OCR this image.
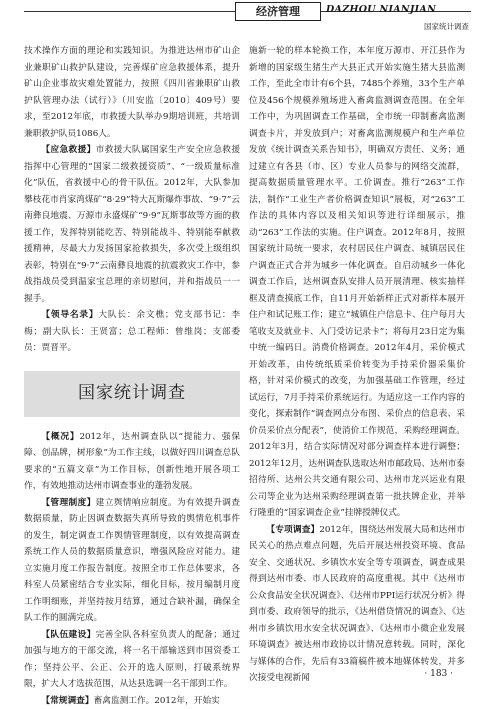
经济管理	DAZHOU NIANJIAN
国家统计调查

技术操作方面的理论和实践知识。为推进达州市矿山企业兼职矿山救护队建设，完善煤矿应急救援体系，提升矿山企业事故灾难处置能力，按照《四川省兼职矿山救护队管理办法（试行）》（川安监〔2010〕409号）要求，至2012年底，市救援大队举办9期培训班，共培训兼职救护队员1086人。

【应急救援】市救援大队属国家生产安全应急救援指挥中心管理的“国家二级救援资质”、“一级质量标准化”队伍，省救援中心的骨干队伍。2012年，大队参加攀枝花市肖家湾煤矿“8·29”特大瓦斯爆炸事故、“9·7”云南彝良地震、万源市永盛煤矿“9·9”瓦斯事故等方面的救援工作，发挥特别能吃苦、特别能战斗、特别能奉献救援精神，尽最大力发扬国家抢救损失，多次受上级组织表彰，特别在“9·7”云南彝良地震的抗震救灾工作中，参战指战员受到温家宝总理的亲切慰问，并和指战员一一握手。

【领导名录】大队长：余文樵；党支部书记：李梅；副大队长：王贤富；总工程师：曾维岗；支部委员：贾晋平。

国家统计调查

【概况】2012年，达州调查队以“提能力、强保障、创品牌，树形象”为工作主线，以做好四川调查总队要求的“五篇文章”为工作目标，创新性地开展各项工作，有效地推动达州市调查事业的蓬勃发展。

【管理制度】建立舆情响应制度。为有效提升调查数据质量，防止因调查数据失真所导致的舆情危机事件的发生，制定调查工作舆情管理制度，以有效提高调查系统工作人员的数据质量意识，增强风险应对能力。建立实施月度工作报告制度。按照全市工作总体要求，各科室人员紧密结合专业实际，细化目标，按月编制月度工作明细账，并坚持按月结算，通过合缺补漏，确保全队工作的圆满完成。

【队伍建设】完善全队各科室负责人的配备；通过加强与地方的干部交流，将一名干部输送到市国资委工作；坚持公平、公正、公开的选人原则，打破系统界限，扩大人才选拔范围，从达县选调一名干部到工作。

【常规调查】畜禽监测工作。2012年，开始实

施新一轮的样本轮换工作，本年度万源市、开江县作为新增的国家级生猪生产大县正式开始实施生猪大县监测工作，至此全市计有6个县，7485个养殖，33个生产单位及456个规模养殖场进入畜禽监测调查范围。在全年工作中，为巩固调查工作基础，全市统一印制畜禽监测调查卡片，并发放到户；对畜禽监测规模户和生产单位发放《统计调查关系告知书》，明确双方责任、义务；通过建立有各县（市、区）专业人员参与的网络交流群，提高数据质量管理水平。工价调查。推行“263”工作法，制作“工业生产者价格调查知识”展板，对“263”工作法的具体内容以及相关知识等进行详细展示，推动“263”工作法的实施。住户调查。2012年8月，按照国家统计局统一要求，农村居民住户调查、城镇居民住户调查正式合并为城乡一体化调查。自启动城乡一体化调查工作后，达州调查队安排人员开展清理、核实抽样框及清查摸底工作，自11月开始新样正式对新样本展开住户和试记账工作；建立“城镇住户信息卡、住户每月大笔收支及就业卡、入门受访记录卡”；将每月23日定为集中统一编码日。消费价格调查。2012年4月，采价模式开始改革，由传统纸质采价转变为手持采价器采集价格，针对采价模式的改变，为加强基础工作管理，经过试运行，7月手持采价系统运行。为适应这一工作内容的变化，探索制作“调查网点分布图、采价点的信息表、采价员采价点分配表”，使消价工作规范，采购经理调查。2012年3月，结合实际情况对部分调查样本进行调整；2012年12月，达州调查队选取达州市邮政局、达州市泰招待所、达州公共交通有限公司、达州市龙兴运业有限公司等企业为达州采购经理调查第一批扶牌企业，并举行隆重的“国家调查企业”挂牌授牌仪式。

【专项调查】2012年，围绕达州发展大局和达州市民关心的热点难点问题，先后开展达州投资环境、食品安全、交通状况、乡镇饮水安全等专项调查，调查成果得到达州市委、市人民政府的高度重视。其中《达州市公众食品安全状况调查》、《达州市PPI运行状况分析》得到市委、政府领导的批示，《达州借贷情况的调查》、《达州市乡镇饮用水安全状况调查》、《达州市小微企业发展环境调查》被达州市政协以计情况意转载。同时，深化与媒体的合作，先后有33篇稿件被本地媒体转发，并多次接受电视新闻	· 183 ·
